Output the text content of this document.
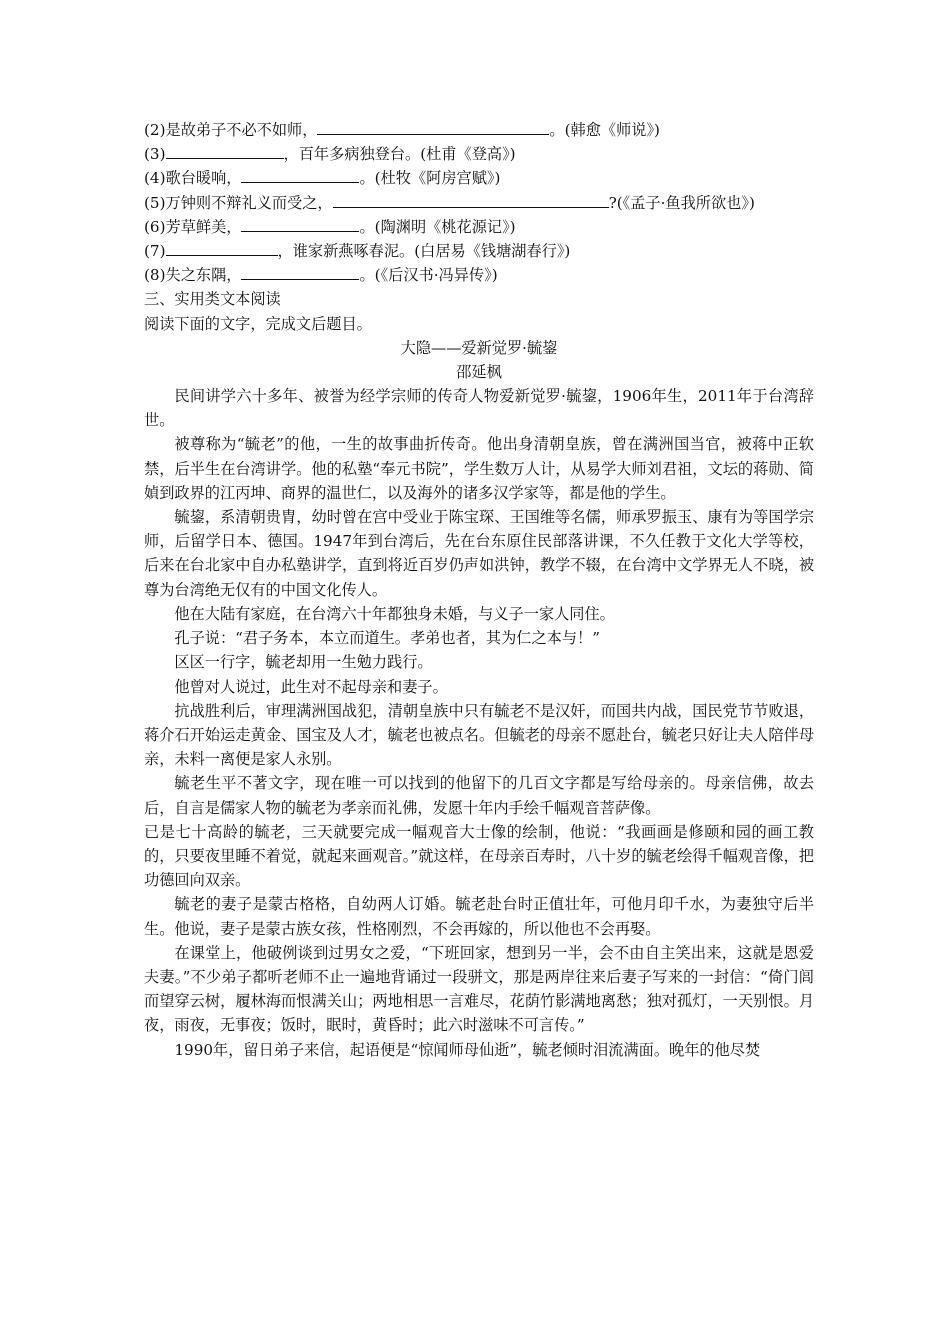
(2)是故弟子不必不如师，	。(韩愈《师说》)
(3)	，百年多病独登台。(杜甫《登高》)
(4)歌台暖响，	。(杜牧《阿房宫赋》)
(5)万钟则不辩礼义而受之，	?(《孟子·鱼我所欲也》)
(6)芳草鲜美，	。(陶渊明《桃花源记》)
(7)	，谁家新燕啄春泥。(白居易《钱塘湖春行》)
(8)失之东隅，	。(《后汉书·冯异传》)
三、实用类文本阅读
阅读下面的文字，完成文后题目。
大隐——爱新觉罗·毓鋆
邵延枫

民间讲学六十多年、被誉为经学宗师的传奇人物爱新觉罗·毓鋆，1906年生，2011年于台湾辞世。

被尊称为“毓老”的他，一生的故事曲折传奇。他出身清朝皇族，曾在满洲国当官，被蒋中正软禁，后半生在台湾讲学。他的私塾“奉元书院”，学生数万人计，从易学大师刘君祖，文坛的蒋勋、简媜到政界的江丙坤、商界的温世仁，以及海外的诸多汉学家等，都是他的学生。

毓鋆，系清朝贵胄，幼时曾在宫中受业于陈宝琛、王国维等名儒，师承罗振玉、康有为等国学宗师，后留学日本、德国。1947年到台湾后，先在台东原住民部落讲课，不久任教于文化大学等校，后来在台北家中自办私塾讲学，直到将近百岁仍声如洪钟，教学不辍，在台湾中文学界无人不晓，被尊为台湾绝无仅有的中国文化传人。

他在大陆有家庭，在台湾六十年都独身未婚，与义子一家人同住。

孔子说：“君子务本，本立而道生。孝弟也者，其为仁之本与！”

区区一行字，毓老却用一生勉力践行。

他曾对人说过，此生对不起母亲和妻子。

抗战胜利后，审理满洲国战犯，清朝皇族中只有毓老不是汉奸，而国共内战，国民党节节败退，蒋介石开始运走黄金、国宝及人才，毓老也被点名。但毓老的母亲不愿赴台，毓老只好让夫人陪伴母亲，未料一离便是家人永别。

毓老生平不著文字，现在唯一可以找到的他留下的几百文字都是写给母亲的。母亲信佛，故去后，自言是儒家人物的毓老为孝亲而礼佛，发愿十年内手绘千幅观音菩萨像。

已是七十高龄的毓老，三天就要完成一幅观音大士像的绘制，他说：“我画画是修颐和园的画工教的，只要夜里睡不着觉，就起来画观音。”就这样，在母亲百寿时，八十岁的毓老绘得千幅观音像，把功德回向双亲。

毓老的妻子是蒙古格格，自幼两人订婚。毓老赴台时正值壮年，可他月印千水，为妻独守后半生。他说，妻子是蒙古族女孩，性格刚烈，不会再嫁的，所以他也不会再娶。

在课堂上，他破例谈到过男女之爱，“下班回家，想到另一半，会不由自主笑出来，这就是恩爱夫妻。”不少弟子都听老师不止一遍地背诵过一段骈文，那是两岸往来后妻子写来的一封信：“倚门闾而望穿云树，履林海而恨满关山；两地相思一言难尽，花荫竹影满地离愁；独对孤灯，一天别恨。月夜，雨夜，无事夜；饭时，眠时，黄昏时；此六时滋味不可言传。”

1990年，留日弟子来信，起语便是“惊闻师母仙逝”，毓老倾时泪流满面。晚年的他尽焚
